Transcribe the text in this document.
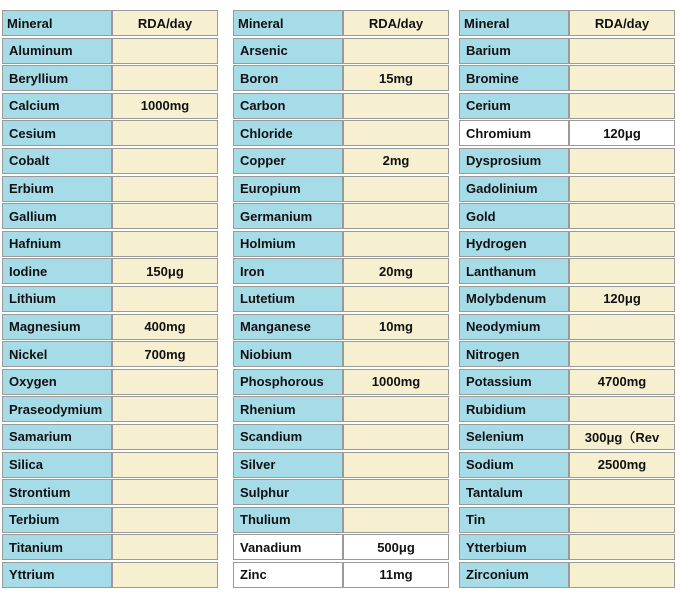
Mineral	RDA/day
Aluminum
Beryllium
Calcium	1000mg
Cesium
Cobalt
Erbium
Gallium
Hafnium
Iodine	150μg
Lithium
Magnesium	400mg
Nickel	700mg
Oxygen
Praseodymium
Samarium
Silica
Strontium
Terbium
Titanium
Yttrium
Mineral	RDA/day
Arsenic
Boron	15mg
Carbon
Chloride
Copper	2mg
Europium
Germanium
Holmium
Iron	20mg
Lutetium
Manganese	10mg
Niobium
Phosphorous	1000mg
Rhenium
Scandium
Silver
Sulphur
Thulium
Vanadium	500μg
Zinc	11mg
Mineral	RDA/day
Barium
Bromine
Cerium
Chromium	120μg
Dysprosium
Gadolinium
Gold
Hydrogen
Lanthanum
Molybdenum	120μg
Neodymium
Nitrogen
Potassium	4700mg
Rubidium
Selenium	300μg（Rev
Sodium	2500mg
Tantalum
Tin
Ytterbium
Zirconium
